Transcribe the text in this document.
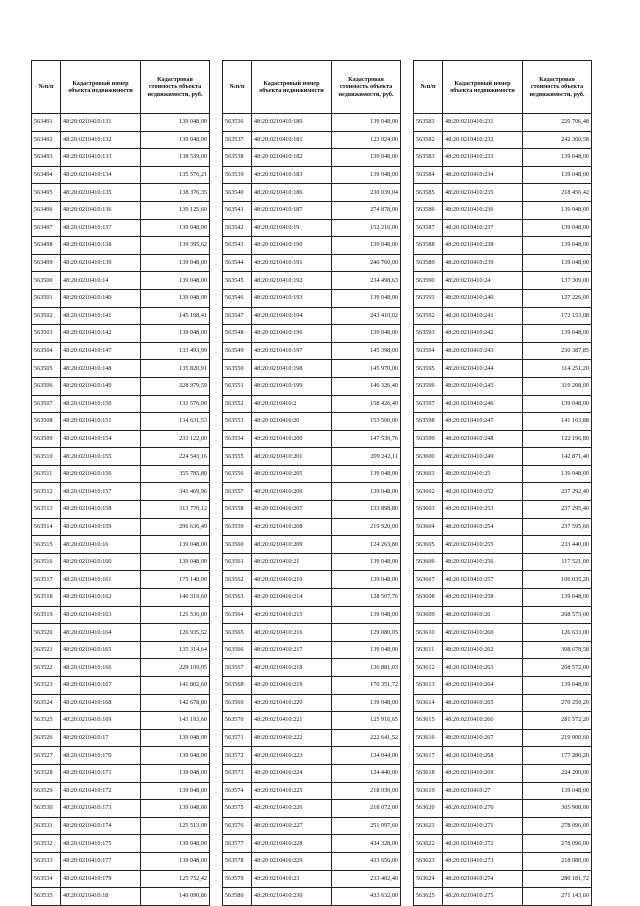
№п/п	Кадастровый номер объекта недвижимости	Кадастровая стоимость объекта недвижимости, руб.
563491	48:20:0210410:131	139 048,00
563492	48:20:0210410:132	139 048,00
563493	48:20:0210410:133	138 539,00
563494	48:20:0210410:134	135 576,21
563495	48:20:0210410:135	138 376,35
563496	48:20:0210410:136	139 125,60
563497	48:20:0210410:137	139 048,00
563498	48:20:0210410:138	139 395,62
563499	48:20:0210410:139	139 048,00
563500	48:20:0210410:14	139 048,00
563501	48:20:0210410:140	139 048,00
563502	48:20:0210410:141	145 198,41
563503	48:20:0210410:142	139 048,00
563504	48:20:0210410:147	133 493,99
563505	48:20:0210410:148	135 820,91
563506	48:20:0210410:149	228 979,59
563507	48:20:0210410:150	131 576,00
563508	48:20:0210410:151	134 631,53
563509	48:20:0210410:154	233 122,00
563510	48:20:0210410:155	224 543,16
563511	48:20:0210410:156	355 785,80
563512	48:20:0210410:157	341 469,96
563513	48:20:0210410:158	313 770,12
563514	48:20:0210410:159	296 636,49
563515	48:20:0210410:16	139 048,00
563516	48:20:0210410:160	139 048,00
563517	48:20:0210410:161	175 140,00
563518	48:20:0210410:162	146 319,60
563519	48:20:0210410:163	125 536,00
563520	48:20:0210410:164	126 935,52
563521	48:20:0210410:165	135 314,64
563522	48:20:0210410:166	229 109,05
563523	48:20:0210410:167	141 802,60
563524	48:20:0210410:168	142 678,80
563525	48:20:0210410:169	143 193,60
563526	48:20:0210410:17	139 048,00
563527	48:20:0210410:170	139 048,00
563528	48:20:0210410:171	139 048,00
563529	48:20:0210410:172	139 048,00
563530	48:20:0210410:173	139 048,00
563531	48:20:0210410:174	125 513,00
563532	48:20:0210410:175	139 048,00
563533	48:20:0210410:177	139 048,00
563534	48:20:0210410:179	125 752,42
563535	48:20:0210410:18	140 090,86
№п/п	Кадастровый номер объекта недвижимости	Кадастровая стоимость объекта недвижимости, руб.
563536	48:20:0210410:180	139 048,00
563537	48:20:0210410:181	123 024,00
563538	48:20:0210410:182	139 048,00
563539	48:20:0210410:183	139 048,00
563540	48:20:0210410:186	230 039,04
563541	48:20:0210410:187	274 878,00
563542	48:20:0210410:19	152 216,00
563543	48:20:0210410:190	139 048,00
563544	48:20:0210410:191	240 760,00
563545	48:20:0210410:192	234 498,63
563546	48:20:0210410:193	139 048,00
563547	48:20:0210410:194	243 410,02
563548	48:20:0210410:196	139 048,00
563549	48:20:0210410:197	145 398,00
563550	48:20:0210410:198	145 970,00
563551	48:20:0210410:199	146 326,40
563552	48:20:0210410:2	158 426,40
563553	48:20:0210410:20	153 500,00
563554	48:20:0210410:200	147 530,76
563555	48:20:0210410:201	209 242,11
563556	48:20:0210410:205	139 048,00
563557	48:20:0210410:206	139 048,00
563558	48:20:0210410:207	133 898,80
563559	48:20:0210410:208	219 920,00
563560	48:20:0210410:209	124 263,80
563561	48:20:0210410:21	139 048,00
563562	48:20:0210410:210	139 048,00
563563	48:20:0210410:214	128 507,76
563564	48:20:0210410:215	139 048,00
563565	48:20:0210410:216	129 080,05
563566	48:20:0210410:217	139 048,00
563567	48:20:0210410:218	136 881,03
563568	48:20:0210410:219	170 351,72
563569	48:20:0210410:220	139 048,00
563570	48:20:0210410:221	125 916,65
563571	48:20:0210410:222	222 641,52
563572	48:20:0210410:223	134 044,00
563573	48:20:0210410:224	124 440,00
563574	48:20:0210410:225	218 030,00
563575	48:20:0210410:226	218 072,00
563576	48:20:0210410:227	251 097,60
563577	48:20:0210410:228	434 328,00
563578	48:20:0210410:229	433 656,00
563579	48:20:0210410:23	233 402,40
563580	48:20:0210410:230	433 632,00
№п/п	Кадастровый номер объекта недвижимости	Кадастровая стоимость объекта недвижимости, руб.
563581	48:20:0210410:231	220 706,48
563582	48:20:0210410:232	242 360,58
563583	48:20:0210410:233	139 048,00
563584	48:20:0210410:234	139 048,00
563585	48:20:0210410:235	218 456,42
563586	48:20:0210410:236	139 048,00
563587	48:20:0210410:237	139 048,00
563588	48:20:0210410:238	139 048,00
563589	48:20:0210410:239	139 048,00
563590	48:20:0210410:24	137 309,00
563591	48:20:0210410:240	127 226,00
563592	48:20:0210410:241	172 153,08
563593	48:20:0210410:242	139 048,00
563594	48:20:0210410:243	230 387,85
563595	48:20:0210410:244	114 251,20
563596	48:20:0210410:245	319 208,00
563597	48:20:0210410:246	139 048,00
563598	48:20:0210410:247	141 163,88
563599	48:20:0210410:248	122 196,80
563600	48:20:0210410:249	142 871,40
563601	48:20:0210410:25	139 048,00
563602	48:20:0210410:252	237 292,40
563603	48:20:0210410:253	237 295,40
563604	48:20:0210410:254	237 595,60
563605	48:20:0210410:255	233 440,00
563606	48:20:0210410:256	117 521,00
563607	48:20:0210410:257	106 035,20
563608	48:20:0210410:258	139 048,00
563609	48:20:0210410:26	208 573,00
563610	48:20:0210410:260	126 633,00
563611	48:20:0210410:262	308 678,58
563612	48:20:0210410:263	208 572,00
563613	48:20:0210410:264	139 048,00
563614	48:20:0210410:265	270 259,20
563615	48:20:0210410:266	281 572,20
563616	48:20:0210410:267	219 000,60
563617	48:20:0210410:268	177 286,20
563618	48:20:0210410:269	224 200,00
563619	48:20:0210410:27	139 048,00
563620	48:20:0210410:270	305 908,00
563621	48:20:0210410:271	278 096,00
563622	48:20:0210410:272	278 096,00
563623	48:20:0210410:273	218 080,00
563624	48:20:0210410:274	280 181,72
563625	48:20:0210410:275	271 143,60
